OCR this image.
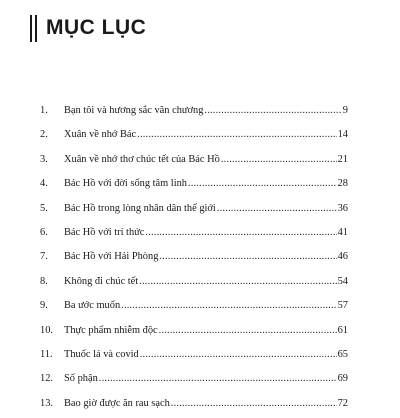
MỤC LỤC
1.	Bạn tôi và hương sắc văn chương .....	9
2.	Xuân về nhớ Bác .....	14
3.	Xuân về nhớ thơ chúc tết của Bác Hồ .....	21
4.	Bác Hồ với đời sống tâm linh .....	28
5.	Bác Hồ trong lòng nhân dân thế giới .....	36
6.	Bác Hồ với trí thức .....	41
7.	Bác Hồ với Hải Phòng .....	46
8.	Không đi chúc tết .....	54
9.	Ba ước muốn .....	57
10.	Thực phẩm nhiễm độc .....	61
11.	Thuốc lá và covid .....	65
12.	Số phận .....	69
13.	Bao giờ được ăn rau sạch .....	72
